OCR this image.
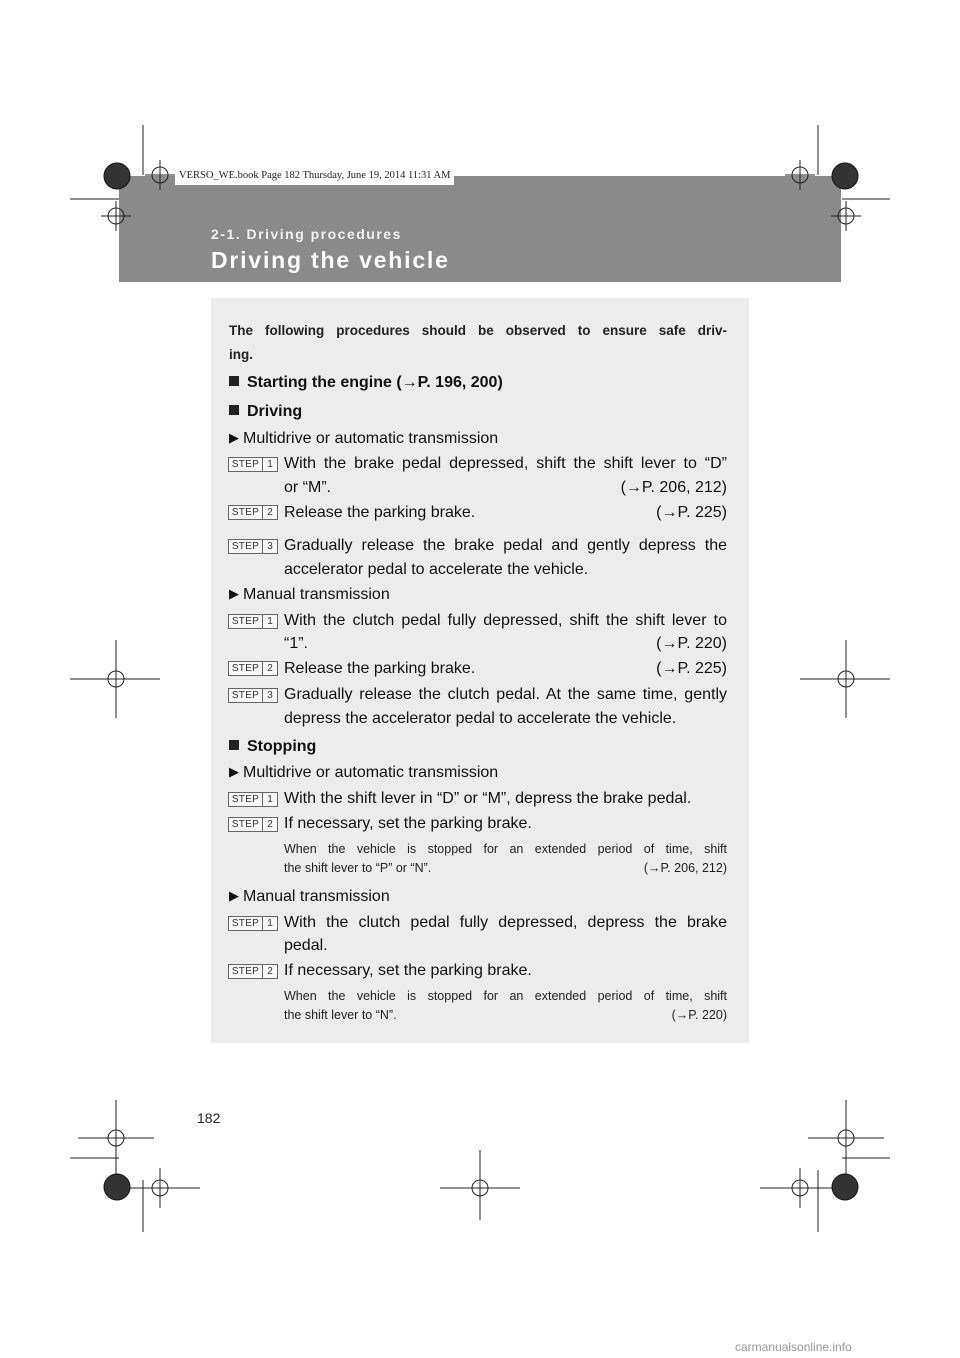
VERSO_WE.book Page 182 Thursday, June 19, 2014 11:31 AM
2-1. Driving procedures
Driving the vehicle
The following procedures should be observed to ensure safe driv-
ing.
Starting the engine (→P. 196, 200)
Driving
▶ Multidrive or automatic transmission
STEP 1 With the brake pedal depressed, shift the shift lever to “D”
or “M”.	(→P. 206, 212)
STEP 2 Release the parking brake.	(→P. 225)
STEP 3 Gradually release the brake pedal and gently depress the
accelerator pedal to accelerate the vehicle.
▶ Manual transmission
STEP 1 With the clutch pedal fully depressed, shift the shift lever to
“1”.	(→P. 220)
STEP 2 Release the parking brake.	(→P. 225)
STEP 3 Gradually release the clutch pedal. At the same time, gently
depress the accelerator pedal to accelerate the vehicle.
Stopping
▶ Multidrive or automatic transmission
STEP 1 With the shift lever in “D” or “M”, depress the brake pedal.
STEP 2 If necessary, set the parking brake.
When the vehicle is stopped for an extended period of time, shift
the shift lever to “P” or “N”.	(→P. 206, 212)
▶ Manual transmission
STEP 1 With the clutch pedal fully depressed, depress the brake
pedal.
STEP 2 If necessary, set the parking brake.
When the vehicle is stopped for an extended period of time, shift
the shift lever to “N”.	(→P. 220)
182
carmanualsonline.info
